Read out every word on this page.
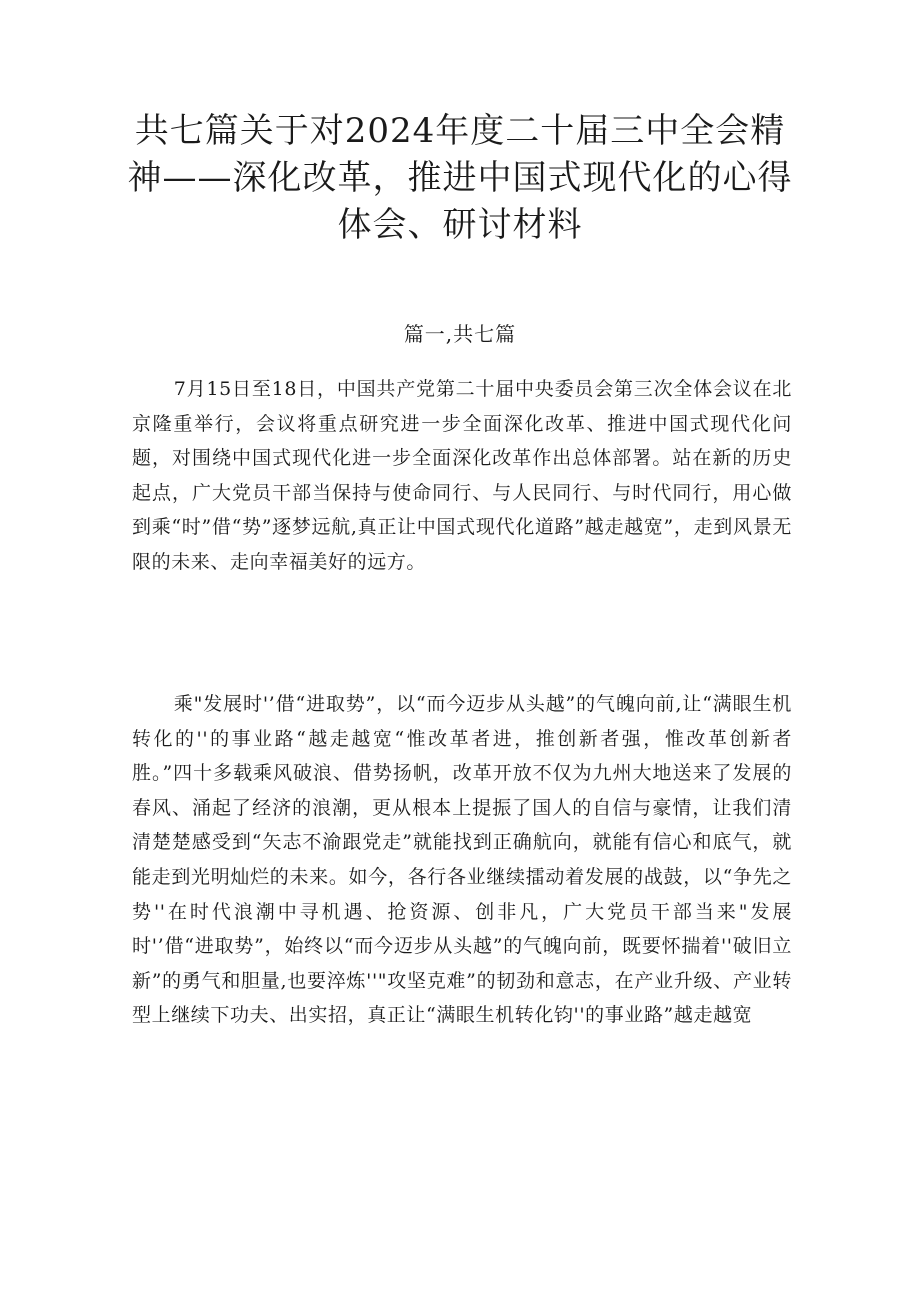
共七篇关于对2024年度二十届三中全会精神——深化改革，推进中国式现代化的心得体会、研讨材料
篇一,共七篇

7月15日至18日，中国共产党第二十届中央委员会第三次全体会议在北京隆重举行，会议将重点研究进一步全面深化改革、推进中国式现代化问题，对围绕中国式现代化进一步全面深化改革作出总体部署。站在新的历史起点，广大党员干部当保持与使命同行、与人民同行、与时代同行，用心做到乘“时”借“势”逐梦远航,真正让中国式现代化道路”越走越宽”，走到风景无限的未来、走向幸福美好的远方。

乘"发展时'’借“进取势”，以“而今迈步从头越”的气魄向前,让“满眼生机转化的''的事业路“越走越宽“惟改革者进，推创新者强，惟改革创新者胜。”四十多载乘风破浪、借势扬帆，改革开放不仅为九州大地送来了发展的春风、涌起了经济的浪潮，更从根本上提振了国人的自信与豪情，让我们清清楚楚感受到“矢志不渝跟党走”就能找到正确航向，就能有信心和底气，就能走到光明灿烂的未来。如今，各行各业继续擂动着发展的战鼓，以“争先之势''在时代浪潮中寻机遇、抢资源、创非凡，广大党员干部当来"发展时'’借“进取势”，始终以“而今迈步从头越”的气魄向前，既要怀揣着''破旧立新”的勇气和胆量,也要淬炼''"攻坚克难”的韧劲和意志，在产业升级、产业转型上继续下功夫、出实招，真正让“满眼生机转化钧''的事业路”越走越宽
